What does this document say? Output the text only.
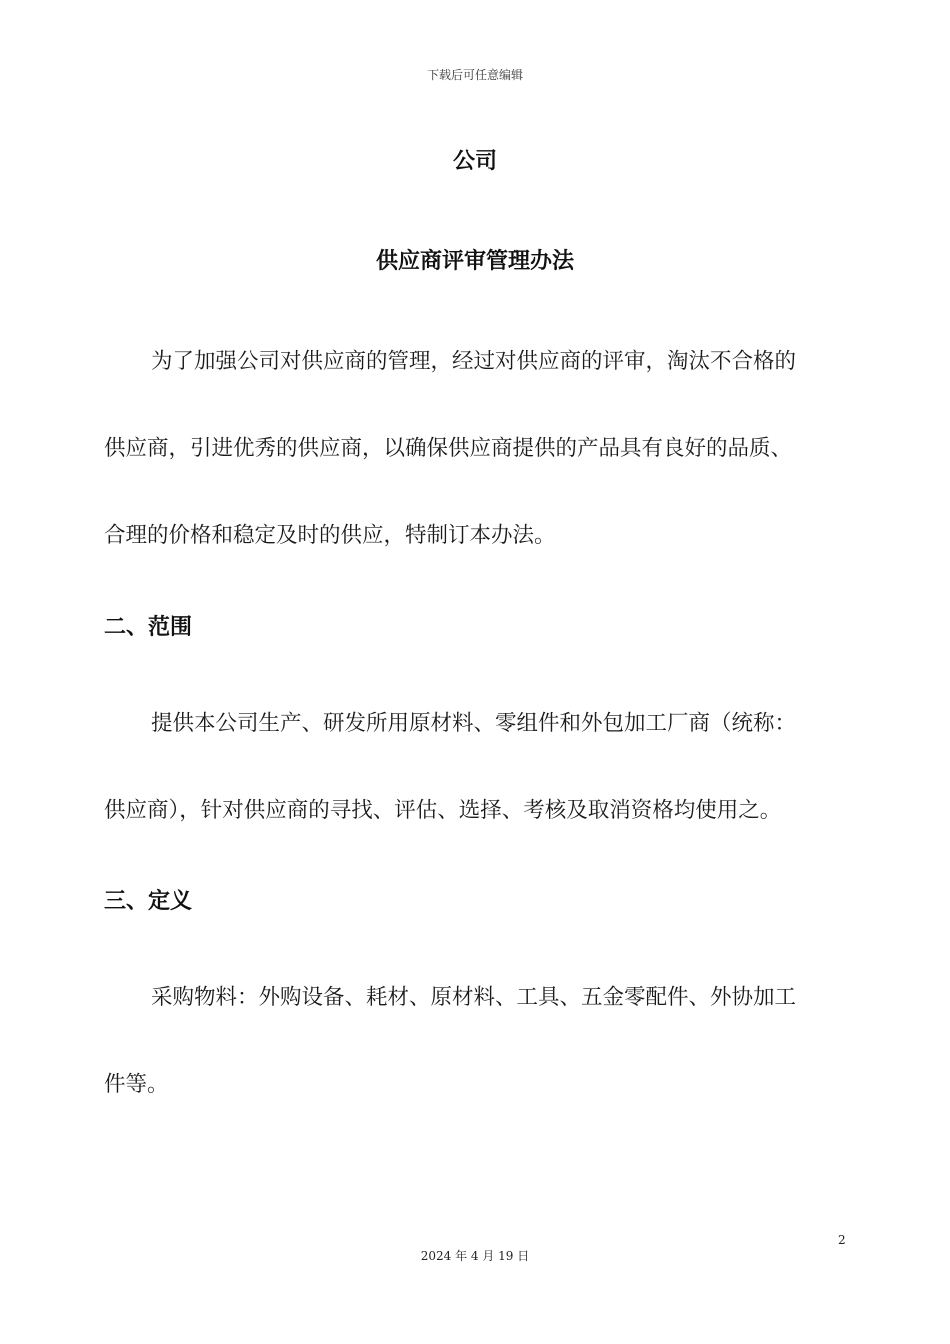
下载后可任意编辑
公司
供应商评审管理办法
为了加强公司对供应商的管理，经过对供应商的评审，淘汰不合格的
供应商，引进优秀的供应商，以确保供应商提供的产品具有良好的品质、
合理的价格和稳定及时的供应，特制订本办法。
二、范围
提供本公司生产、研发所用原材料、零组件和外包加工厂商（统称：
供应商），针对供应商的寻找、评估、选择、考核及取消资格均使用之。
三、定义
采购物料：外购设备、耗材、原材料、工具、五金零配件、外协加工
件等。
2
2024 年 4 月 19 日
